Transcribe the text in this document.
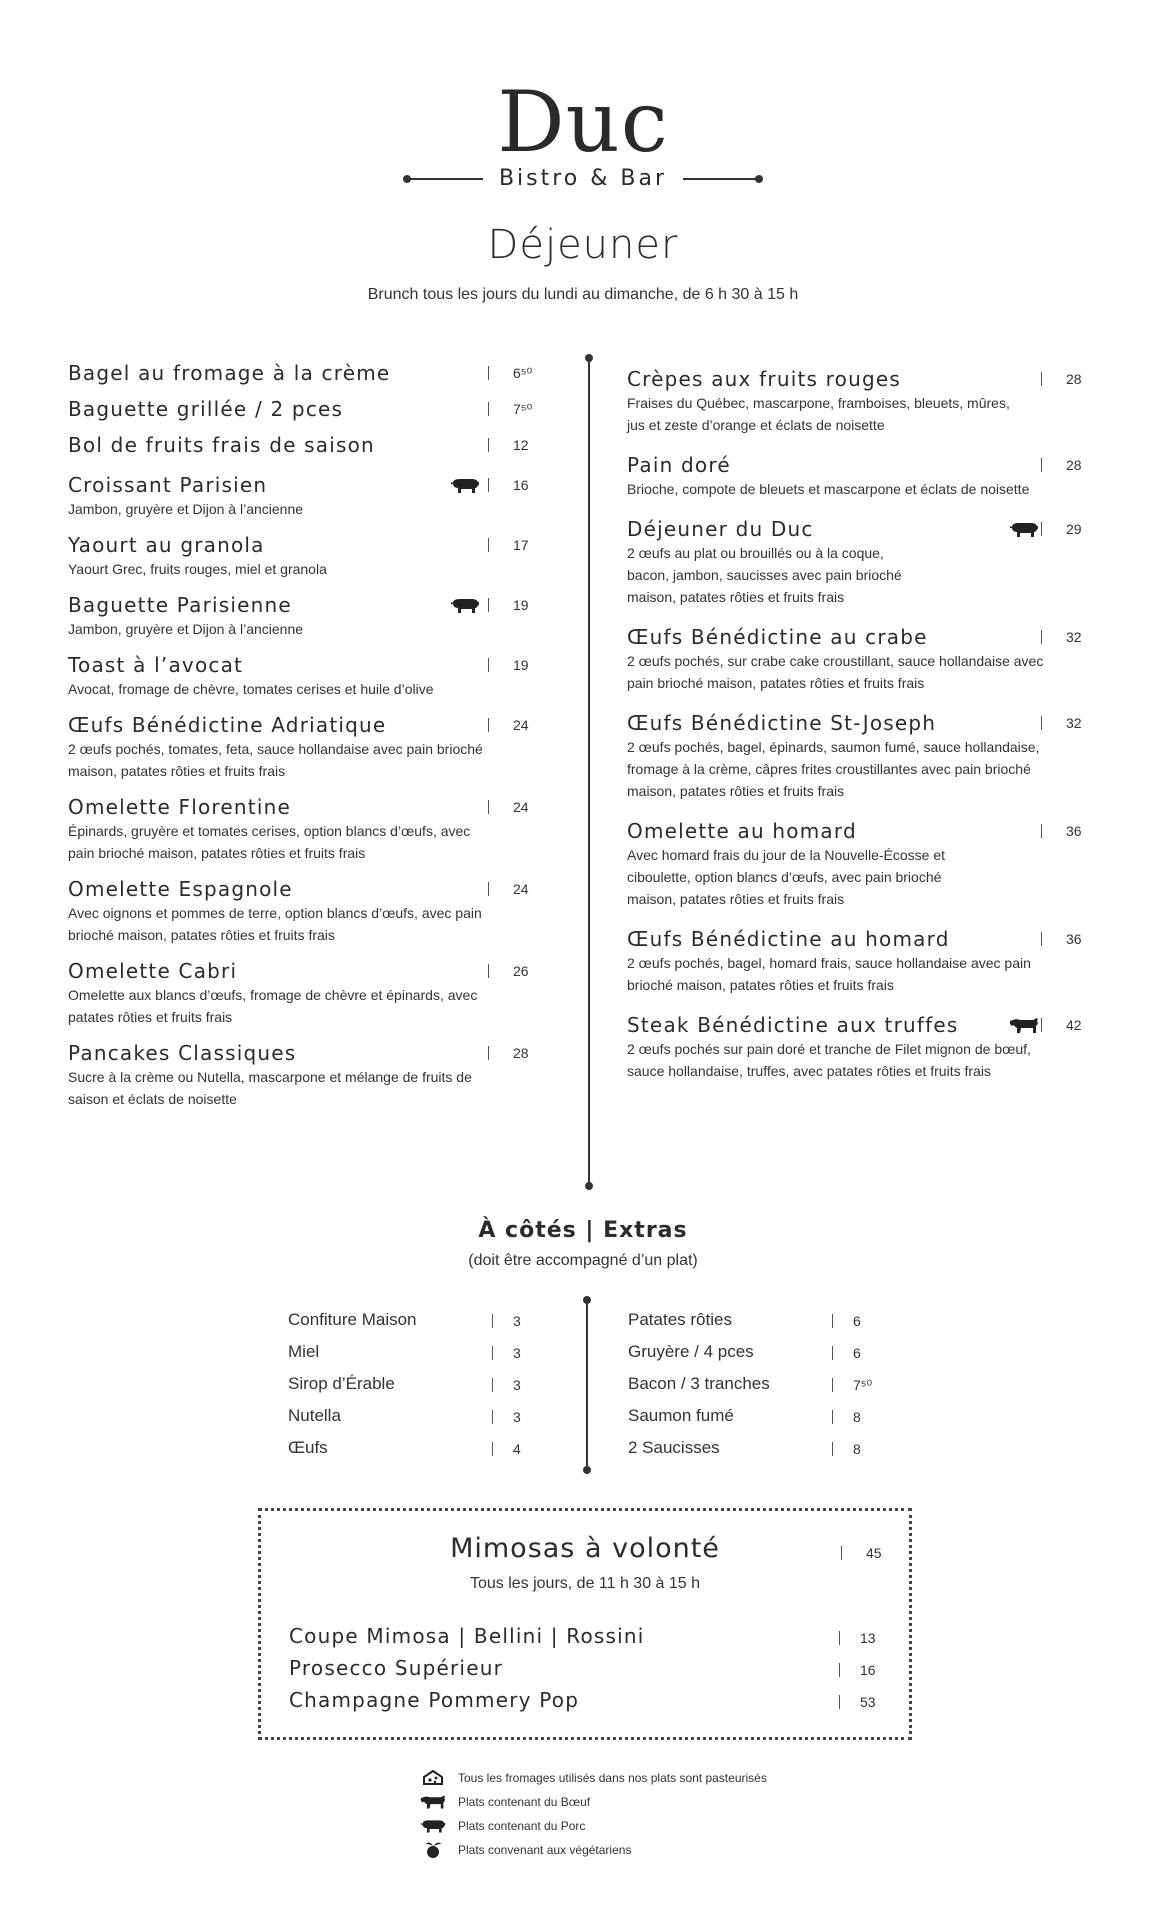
Duc
Bistro & Bar
Déjeuner
Brunch tous les jours du lundi au dimanche, de 6 h 30 à 15 h
Bagel au fromage à la crème	6⁵⁰
Baguette grillée / 2 pces	7⁵⁰
Bol de fruits frais de saison	12
Croissant Parisien	16
Jambon, gruyère et Dijon à l’ancienne
Yaourt au granola	17
Yaourt Grec, fruits rouges, miel et granola
Baguette Parisienne	19
Jambon, gruyère et Dijon à l’ancienne
Toast à l’avocat	19
Avocat, fromage de chèvre, tomates cerises et huile d’olive
Œufs Bénédictine Adriatique	24
2 œufs pochés, tomates, feta, sauce hollandaise avec pain brioché maison, patates rôties et fruits frais
Omelette Florentine	24
Épinards, gruyère et tomates cerises, option blancs d’œufs, avec pain brioché maison, patates rôties et fruits frais
Omelette Espagnole	24
Avec oignons et pommes de terre, option blancs d’œufs, avec pain brioché maison, patates rôties et fruits frais
Omelette Cabri	26
Omelette aux blancs d’œufs, fromage de chèvre et épinards, avec patates rôties et fruits frais
Pancakes Classiques	28
Sucre à la crème ou Nutella, mascarpone et mélange de fruits de saison et éclats de noisette
Crèpes aux fruits rouges	28
Fraises du Québec, mascarpone, framboises, bleuets, mûres, jus et zeste d’orange et éclats de noisette
Pain doré	28
Brioche, compote de bleuets et mascarpone et éclats de noisette
Déjeuner du Duc	29
2 œufs au plat ou brouillés ou à la coque, bacon, jambon, saucisses avec pain brioché maison, patates rôties et fruits frais
Œufs Bénédictine au crabe	32
2 œufs pochés, sur crabe cake croustillant, sauce hollandaise avec pain brioché maison, patates rôties et fruits frais
Œufs Bénédictine St-Joseph	32
2 œufs pochés, bagel, épinards, saumon fumé, sauce hollandaise, fromage à la crème, câpres frites croustillantes avec pain brioché maison, patates rôties et fruits frais
Omelette au homard	36
Avec homard frais du jour de la Nouvelle-Écosse et ciboulette, option blancs d’œufs, avec pain brioché maison, patates rôties et fruits frais
Œufs Bénédictine au homard	36
2 œufs pochés, bagel, homard frais, sauce hollandaise avec pain brioché maison, patates rôties et fruits frais
Steak Bénédictine aux truffes	42
2 œufs pochés sur pain doré et tranche de Filet mignon de bœuf, sauce hollandaise, truffes, avec patates rôties et fruits frais
À côtés | Extras
(doit être accompagné d’un plat)
Confiture Maison	3
Miel	3
Sirop d’Érable	3
Nutella	3
Œufs	4
Patates rôties	6
Gruyère / 4 pces	6
Bacon / 3 tranches	7⁵⁰
Saumon fumé	8
2 Saucisses	8
Mimosas à volonté	45
Tous les jours, de 11 h 30 à 15 h
Coupe Mimosa | Bellini | Rossini	13
Prosecco Supérieur	16
Champagne Pommery Pop	53
Tous les fromages utilisés dans nos plats sont pasteurisés
Plats contenant du Bœuf
Plats contenant du Porc
Plats convenant aux végétariens
